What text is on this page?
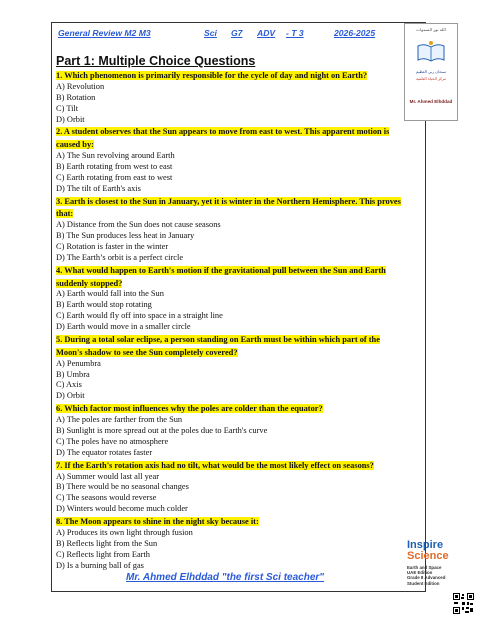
General Review M2 M3	Sci G7 ADV - T 3	2026-2025	الله نور السموات
سبحان ربي العظيم
مركز الحياة العلمية
Mr. Ahmed Elhddad
Part 1: Multiple Choice Questions
1. Which phenomenon is primarily responsible for the cycle of day and night on Earth?
A) Revolution
B) Rotation
C) Tilt
D) Orbit
2. A student observes that the Sun appears to move from east to west. This apparent motion is caused by:
A) The Sun revolving around Earth
B) Earth rotating from west to east
C) Earth rotating from east to west
D) The tilt of Earth's axis
3. Earth is closest to the Sun in January, yet it is winter in the Northern Hemisphere. This proves that:
A) Distance from the Sun does not cause seasons
B) The Sun produces less heat in January
C) Rotation is faster in the winter
D) The Earth’s orbit is a perfect circle
4. What would happen to Earth's motion if the gravitational pull between the Sun and Earth suddenly stopped?
A) Earth would fall into the Sun
B) Earth would stop rotating
C) Earth would fly off into space in a straight line
D) Earth would move in a smaller circle
5. During a total solar eclipse, a person standing on Earth must be within which part of the Moon's shadow to see the Sun completely covered?
A) Penumbra
B) Umbra
C) Axis
D) Orbit
6. Which factor most influences why the poles are colder than the equator?
A) The poles are farther from the Sun
B) Sunlight is more spread out at the poles due to Earth's curve
C) The poles have no atmosphere
D) The equator rotates faster
7. If the Earth's rotation axis had no tilt, what would be the most likely effect on seasons?
A) Summer would last all year
B) There would be no seasonal changes
C) The seasons would reverse
D) Winters would become much colder
8. The Moon appears to shine in the night sky because it:
A) Produces its own light through fusion
B) Reflects light from the Sun
C) Reflects light from Earth
D) Is a burning ball of gas
Mr. Ahmed Elhddad "the first Sci teacher"
Inspire
Science
Earth and Space
UAE Edition
Grade 8 Advanced
Student Edition
